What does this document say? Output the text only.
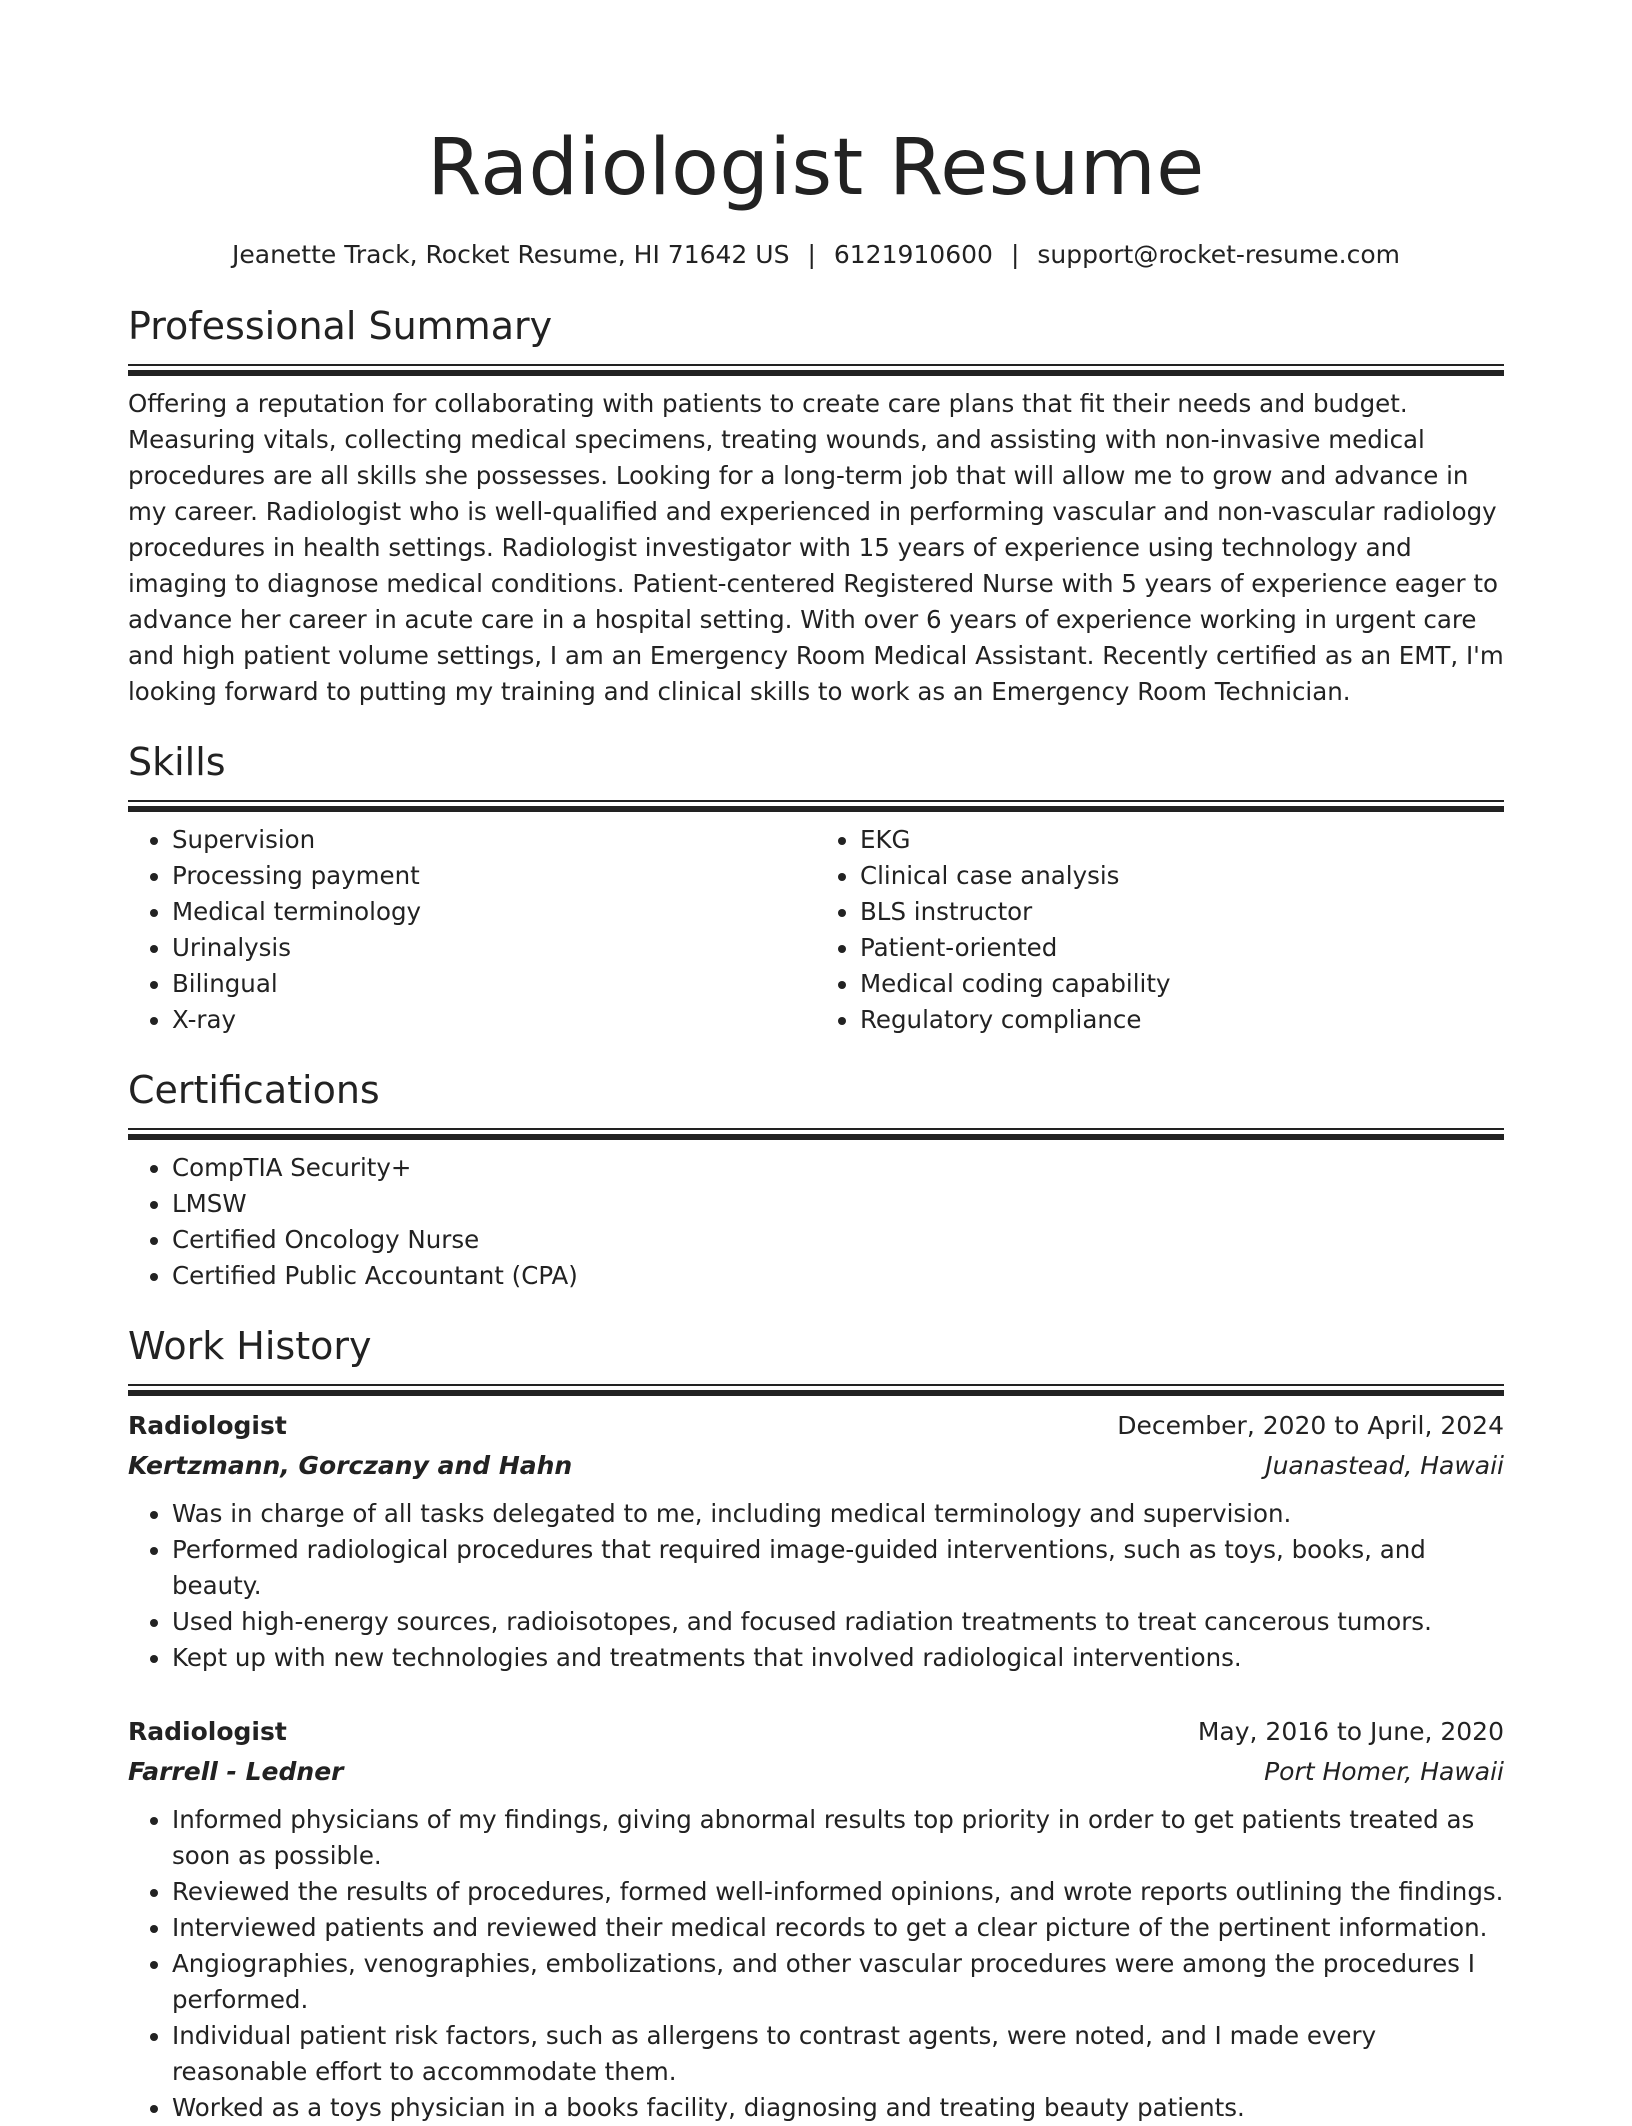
Radiologist Resume
Jeanette Track, Rocket Resume, HI 71642 US | 6121910600 | support@rocket-resume.com
Professional Summary

Offering a reputation for collaborating with patients to create care plans that fit their needs and budget. Measuring vitals, collecting medical specimens, treating wounds, and assisting with non-invasive medical procedures are all skills she possesses. Looking for a long-term job that will allow me to grow and advance in my career. Radiologist who is well-qualified and experienced in performing vascular and non-vascular radiology procedures in health settings. Radiologist investigator with 15 years of experience using technology and imaging to diagnose medical conditions. Patient-centered Registered Nurse with 5 years of experience eager to advance her career in acute care in a hospital setting. With over 6 years of experience working in urgent care and high patient volume settings, I am an Emergency Room Medical Assistant. Recently certified as an EMT, I'm looking forward to putting my training and clinical skills to work as an Emergency Room Technician.

Skills
• Supervision
• Processing payment
• Medical terminology
• Urinalysis
• Bilingual
• X-ray
• EKG
• Clinical case analysis
• BLS instructor
• Patient-oriented
• Medical coding capability
• Regulatory compliance
Certifications
• CompTIA Security+
• LMSW
• Certified Oncology Nurse
• Certified Public Accountant (CPA)
Work History
Radiologist	December, 2020 to April, 2024
Kertzmann, Gorczany and Hahn	Juanastead, Hawaii
• Was in charge of all tasks delegated to me, including medical terminology and supervision.
• Performed radiological procedures that required image-guided interventions, such as toys, books, and beauty.
• Used high-energy sources, radioisotopes, and focused radiation treatments to treat cancerous tumors.
• Kept up with new technologies and treatments that involved radiological interventions.
Radiologist	May, 2016 to June, 2020
Farrell - Ledner	Port Homer, Hawaii
• Informed physicians of my findings, giving abnormal results top priority in order to get patients treated as soon as possible.
• Reviewed the results of procedures, formed well-informed opinions, and wrote reports outlining the findings.
• Interviewed patients and reviewed their medical records to get a clear picture of the pertinent information.
• Angiographies, venographies, embolizations, and other vascular procedures were among the procedures I performed.
• Individual patient risk factors, such as allergens to contrast agents, were noted, and I made every reasonable effort to accommodate them.
• Worked as a toys physician in a books facility, diagnosing and treating beauty patients.
